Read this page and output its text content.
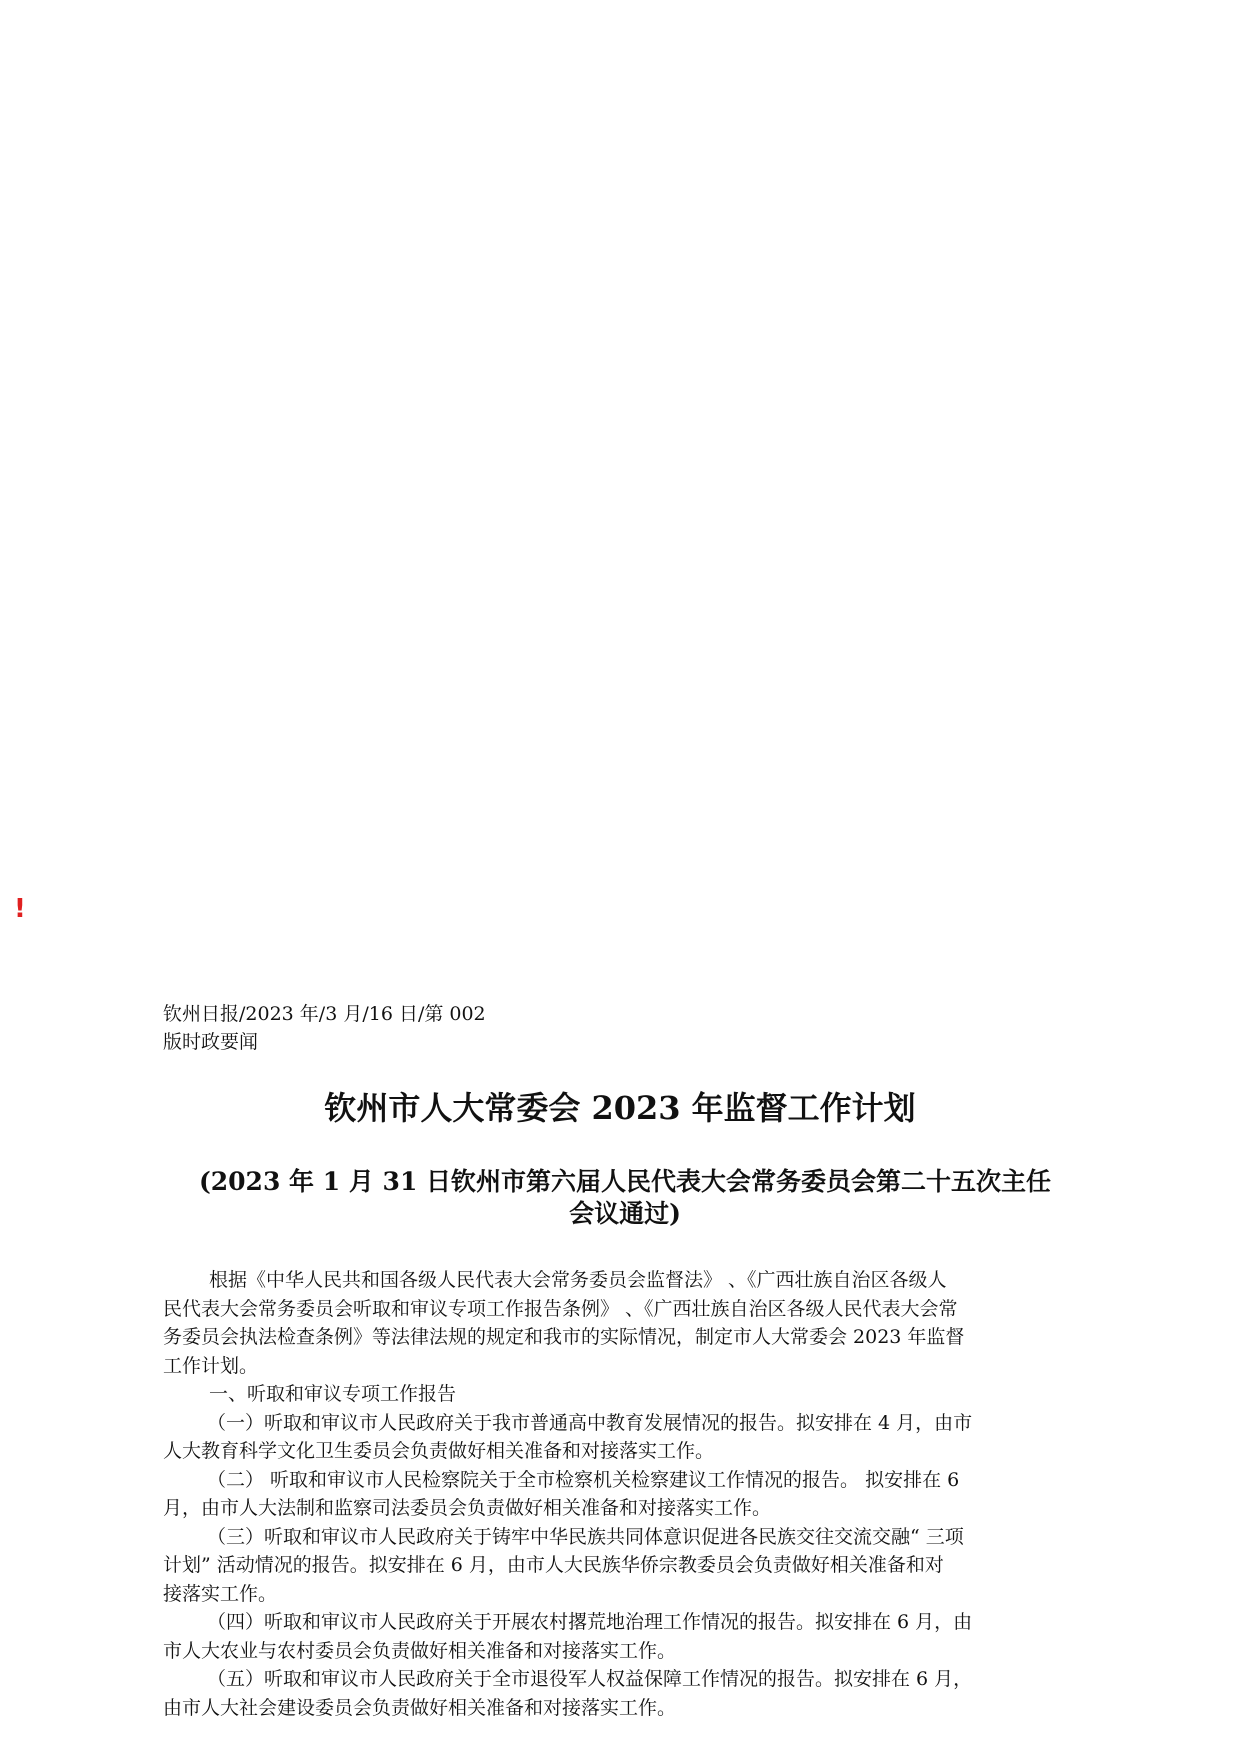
!
钦州日报/2023 年/3 月/16 日/第 002
版时政要闻
钦州市人大常委会 2023 年监督工作计划
(2023 年 1 月 31 日钦州市第六届人民代表大会常务委员会第二十五次主任
会议通过)
根据《中华人民共和国各级人民代表大会常务委员会监督法》 、《广西壮族自治区各级人
民代表大会常务委员会听取和审议专项工作报告条例》 、《广西壮族自治区各级人民代表大会常
务委员会执法检查条例》等法律法规的规定和我市的实际情况，制定市人大常委会 2023 年监督
工作计划。
一、听取和审议专项工作报告
（一）听取和审议市人民政府关于我市普通高中教育发展情况的报告。拟安排在 4 月，由市
人大教育科学文化卫生委员会负责做好相关准备和对接落实工作。
（二） 听取和审议市人民检察院关于全市检察机关检察建议工作情况的报告。 拟安排在 6
月，由市人大法制和监察司法委员会负责做好相关准备和对接落实工作。
（三）听取和审议市人民政府关于铸牢中华民族共同体意识促进各民族交往交流交融“ 三项
计划” 活动情况的报告。拟安排在 6 月，由市人大民族华侨宗教委员会负责做好相关准备和对
接落实工作。
（四）听取和审议市人民政府关于开展农村撂荒地治理工作情况的报告。拟安排在 6 月，由
市人大农业与农村委员会负责做好相关准备和对接落实工作。
（五）听取和审议市人民政府关于全市退役军人权益保障工作情况的报告。拟安排在 6 月，
由市人大社会建设委员会负责做好相关准备和对接落实工作。
